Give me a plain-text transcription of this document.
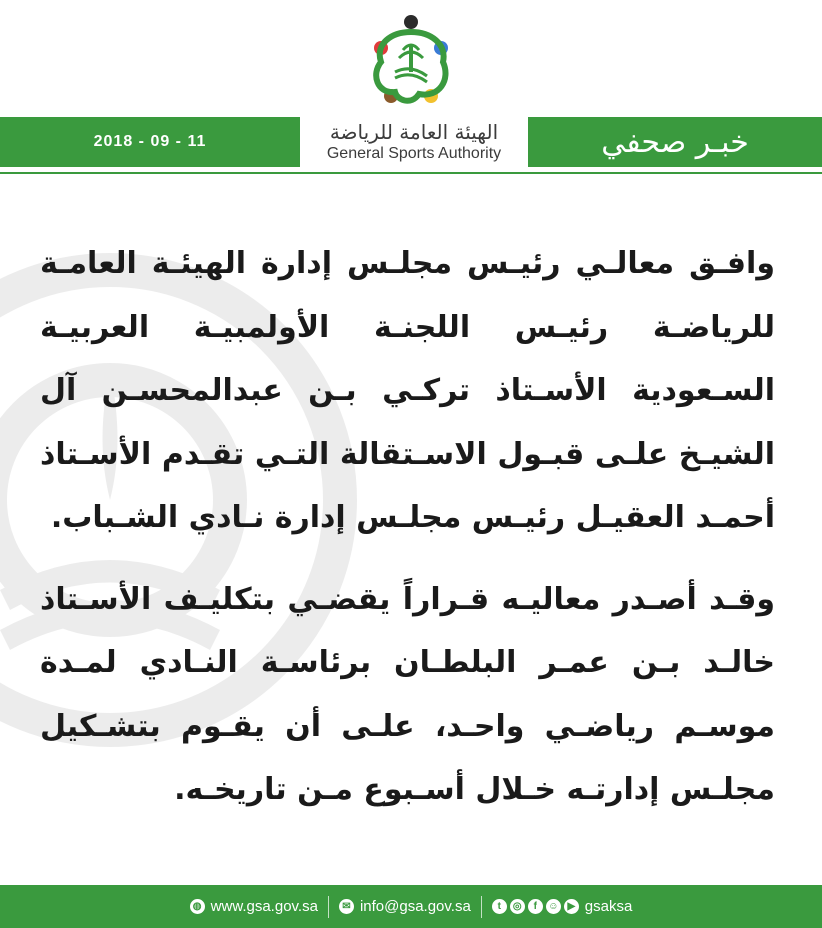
2018 - 09 - 11	الهيئة العامة للرياضة
General Sports Authority	خبـر صحفي

وافـق معالـي رئيـس مجلـس إدارة الهيئـة العامـة للرياضـة رئيـس اللجنـة الأولمبيـة العربيـة السـعودية الأسـتاذ تركـي بـن عبدالمحسـن آل الشيـخ علـى قبـول الاسـتقالة التـي تقـدم الأسـتاذ أحمـد العقيـل رئيـس مجلـس إدارة نـادي الشـباب.

وقـد أصـدر معاليـه قـراراً يقضـي بتكليـف الأسـتاذ خالـد بـن عمـر البلطـان برئاسـة النـادي لمـدة موسـم رياضـي واحـد، علـى أن يقـوم بتشـكيل مجلـس إدارتـه خـلال أسـبوع مـن تاريخـه.

◍ www.gsa.gov.sa	✉ info@gsa.gov.sa	t	◎	f	☺ ▶ gsaksa
